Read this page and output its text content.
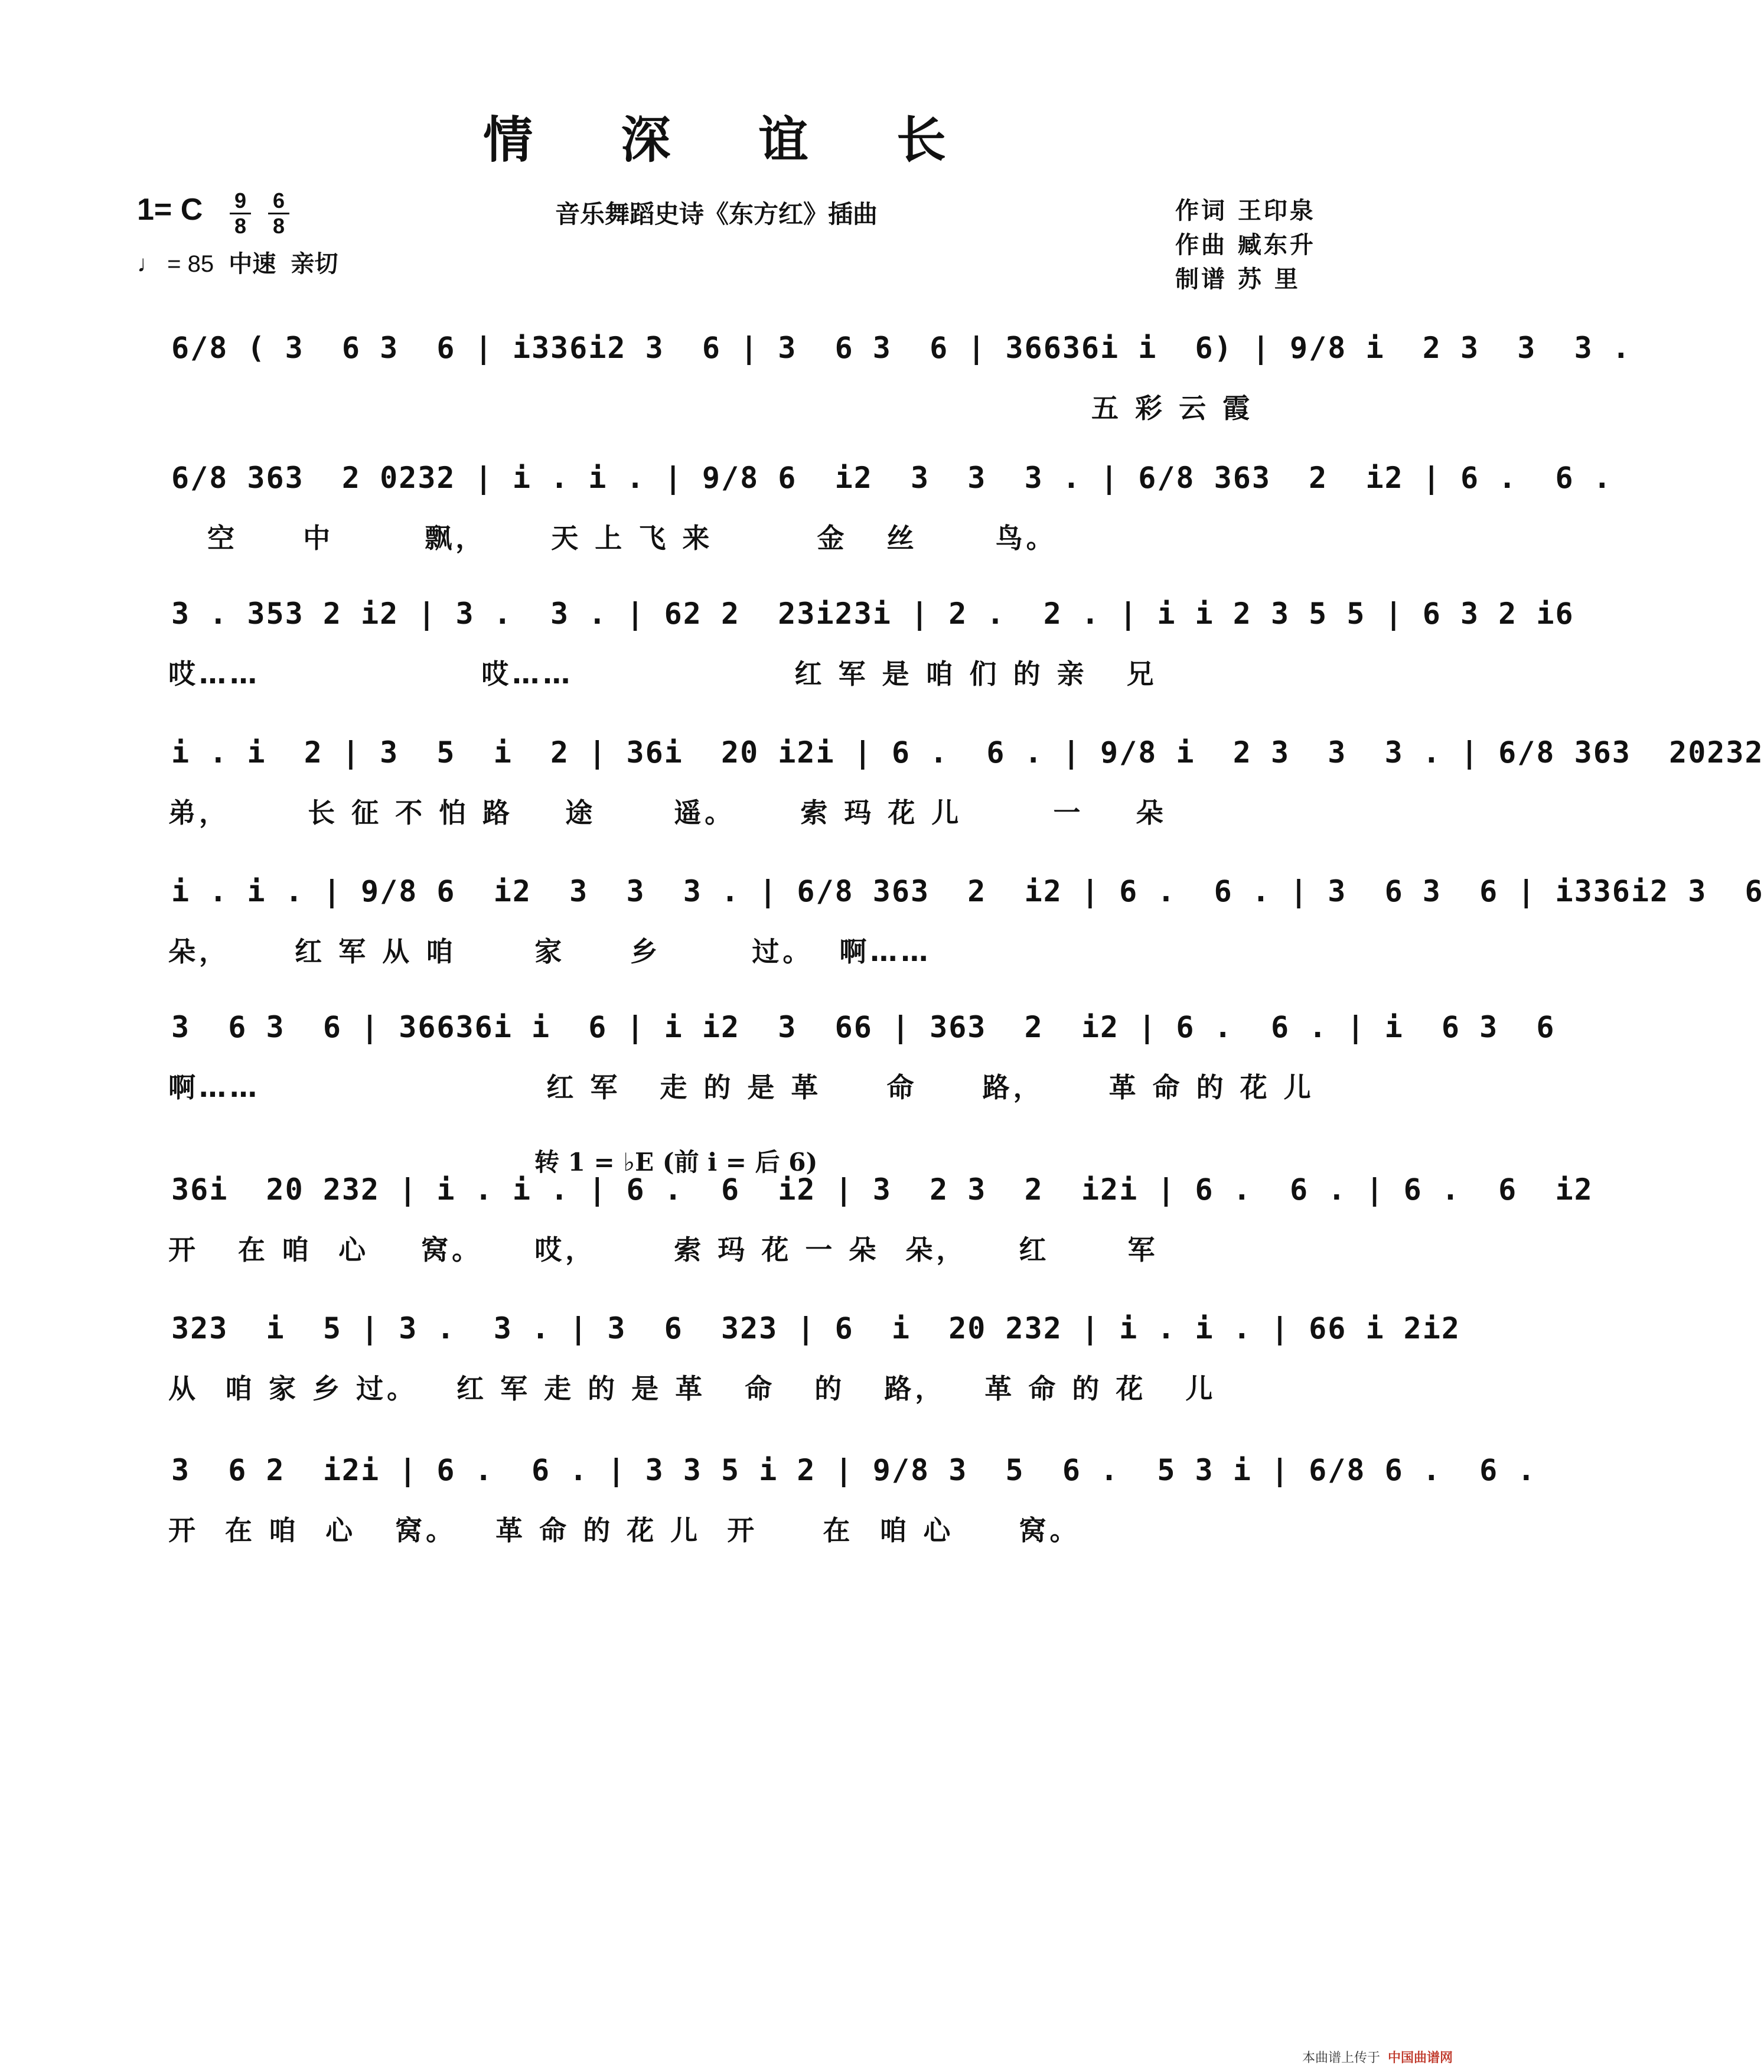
情 深 谊 长
1= C	9
8
6
8
♩ = 85 中速 亲切
音乐舞蹈史诗《东方红》插曲	作词 王印泉
作曲 臧东升
制谱 苏 里
6/8 ( 3  6 3  6 | i336i2 3  6 | 3  6 3  6 | 36636i i  6) | 9/8 i  2 3  3  3 .
五 彩 云 霞
6/8 363  2 0232 | i . i . | 9/8 6  i2  3  3  3 . | 6/8 363  2  i2 | 6 .  6 .
空     中       飘，     天 上 飞 来        金   丝      鸟。
3 . 353 2 i2 | 3 .  3 . | 62 2  23i23i | 2 .  2 . | i i 2 3 5 5 | 6 3 2 i6
哎……                 哎……                 红 军 是 咱 们 的 亲   兄
i . i  2 | 3  5  i  2 | 36i  20 i2i | 6 .  6 . | 9/8 i  2 3  3  3 . | 6/8 363  20232
弟，      长 征 不 怕 路    途      遥。     索 玛 花 儿       一    朵
i . i . | 9/8 6  i2  3  3  3 . | 6/8 363  2  i2 | 6 .  6 . | 3  6 3  6 | i336i2 3  6
朵，     红 军 从 咱      家     乡       过。  啊……
3  6 3  6 | 36636i i  6 | i i2  3  66 | 363  2  i2 | 6 .  6 . | i  6 3  6
啊……                      红 军   走 的 是 革     命     路，     革 命 的 花 儿
36i  20 232 | i . i . | 6 .  6  i2 | 3  2 3  2  i2i | 6 .  6 . | 6 .  6  i2
开   在 咱  心    窝。    哎，      索 玛 花 一 朵  朵，    红      军
323  i  5 | 3 .  3 . | 3  6  323 | 6  i  20 232 | i . i . | 66 i 2i2
从  咱 家 乡 过。   红 军 走 的 是 革   命   的   路，   革 命 的 花   儿
3  6 2  i2i | 6 .  6 . | 3 3 5 i 2 | 9/8 3  5  6 .  5 3 i | 6/8 6 .  6 .
开  在 咱  心   窝。   革 命 的 花 儿  开     在  咱 心     窝。
转 1 = ♭E (前 i = 后 6)
本曲谱上传于 中国曲谱网
